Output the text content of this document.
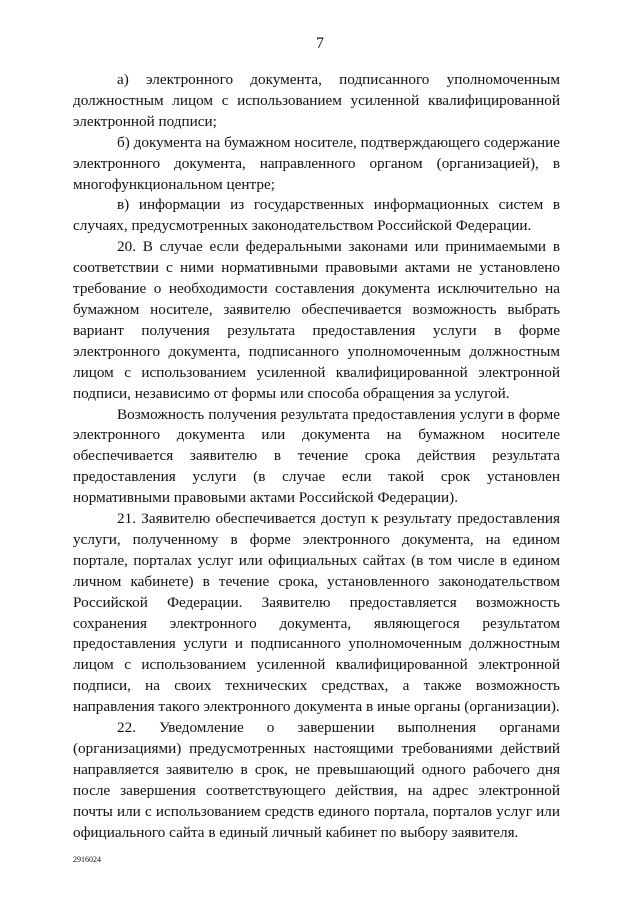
7

а) электронного документа, подписанного уполномоченным должностным лицом с использованием усиленной квалифицированной электронной подписи;

б) документа на бумажном носителе, подтверждающего содержание электронного документа, направленного органом (организацией), в многофункциональном центре;

в) информации из государственных информационных систем в случаях, предусмотренных законодательством Российской Федерации.

20. В случае если федеральными законами или принимаемыми в соответствии с ними нормативными правовыми актами не установлено требование о необходимости составления документа исключительно на бумажном носителе, заявителю обеспечивается возможность выбрать вариант получения результата предоставления услуги в форме электронного документа, подписанного уполномоченным должностным лицом с использованием усиленной квалифицированной электронной подписи, независимо от формы или способа обращения за услугой.

Возможность получения результата предоставления услуги в форме электронного документа или документа на бумажном носителе обеспечивается заявителю в течение срока действия результата предоставления услуги (в случае если такой срок установлен нормативными правовыми актами Российской Федерации).

21. Заявителю обеспечивается доступ к результату предоставления услуги, полученному в форме электронного документа, на едином портале, порталах услуг или официальных сайтах (в том числе в едином личном кабинете) в течение срока, установленного законодательством Российской Федерации. Заявителю предоставляется возможность сохранения электронного документа, являющегося результатом предоставления услуги и подписанного уполномоченным должностным лицом с использованием усиленной квалифицированной электронной подписи, на своих технических средствах, а также возможность направления такого электронного документа в иные органы (организации).

22. Уведомление о завершении выполнения органами (организациями) предусмотренных настоящими требованиями действий направляется заявителю в срок, не превышающий одного рабочего дня после завершения соответствующего действия, на адрес электронной почты или с использованием средств единого портала, порталов услуг или официального сайта в единый личный кабинет по выбору заявителя.

2916024
